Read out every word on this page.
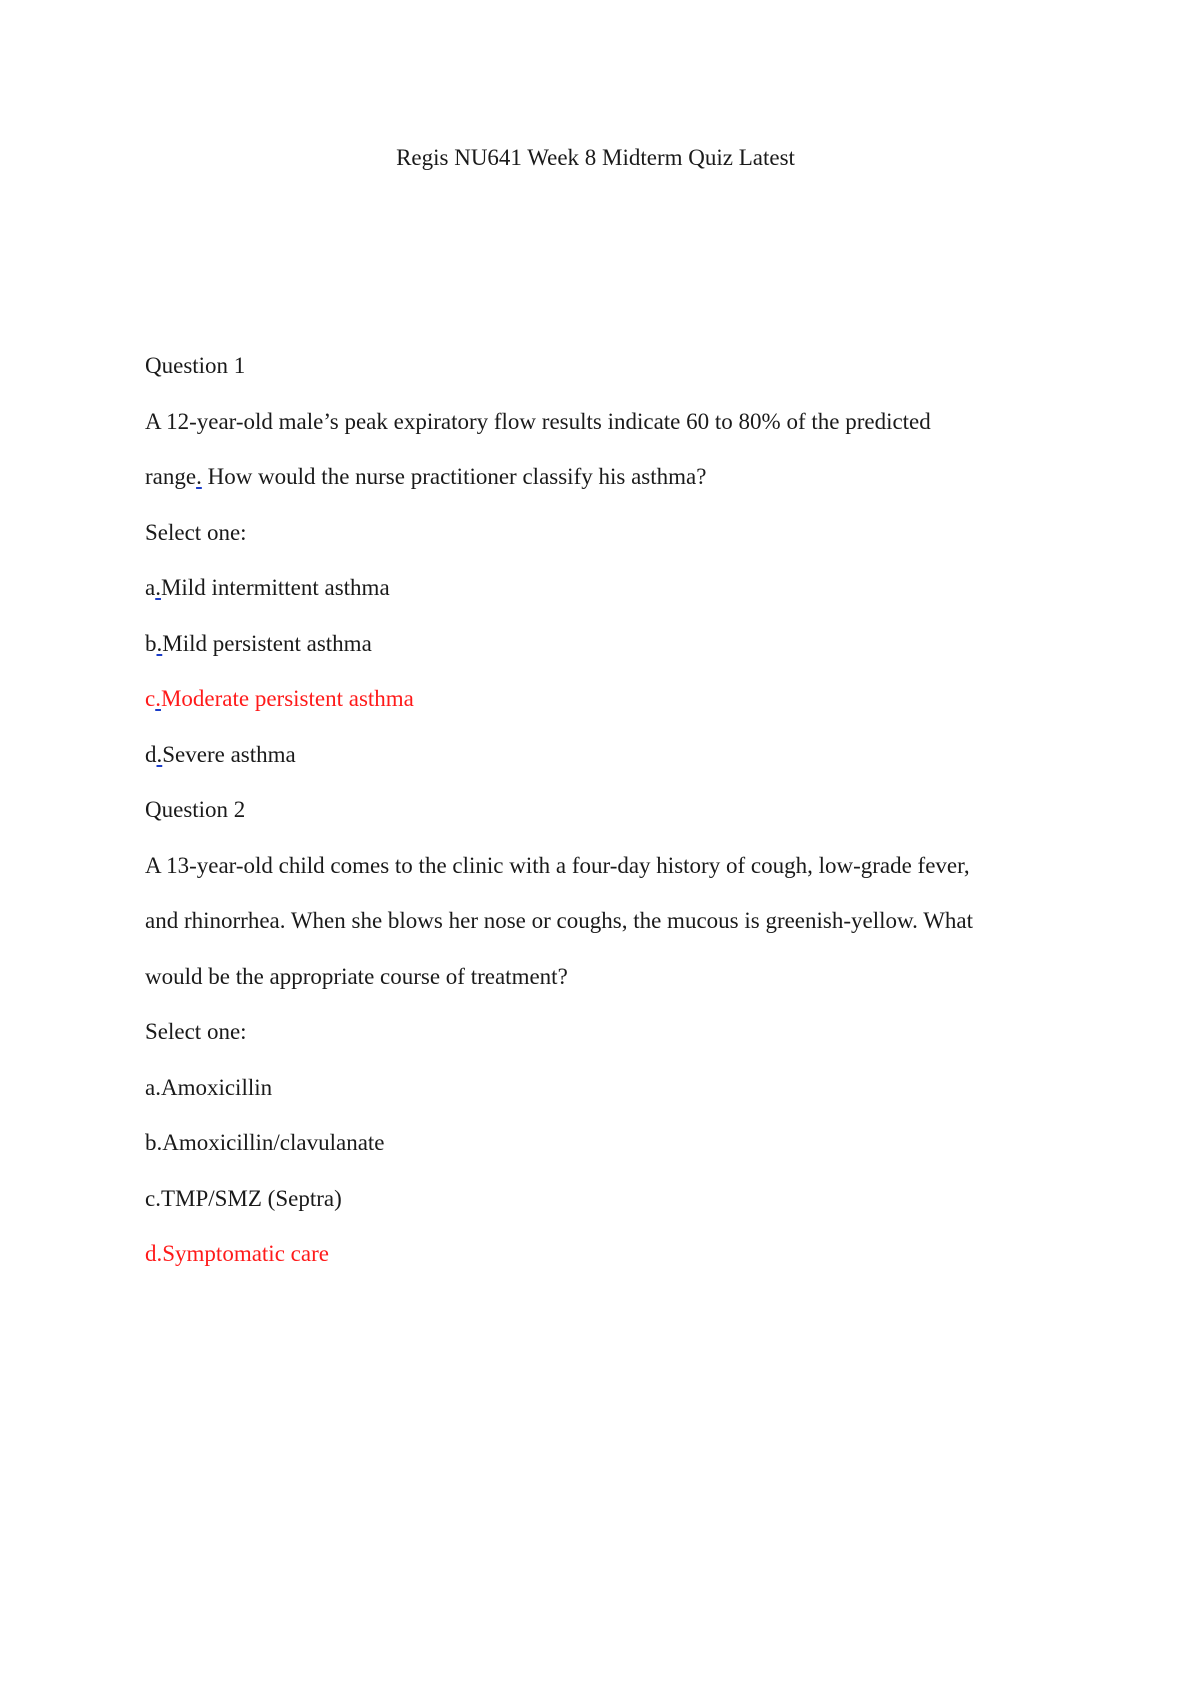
Regis NU641 Week 8 Midterm Quiz Latest
Question 1
A 12-year-old male’s peak expiratory flow results indicate 60 to 80% of the predicted
range. How would the nurse practitioner classify his asthma?
Select one:
a.Mild intermittent asthma
b.Mild persistent asthma
c.Moderate persistent asthma
d.Severe asthma
Question 2
A 13-year-old child comes to the clinic with a four-day history of cough, low-grade fever,
and rhinorrhea. When she blows her nose or coughs, the mucous is greenish-yellow. What
would be the appropriate course of treatment?
Select one:
a.Amoxicillin
b.Amoxicillin/clavulanate
c.TMP/SMZ (Septra)
d.Symptomatic care
